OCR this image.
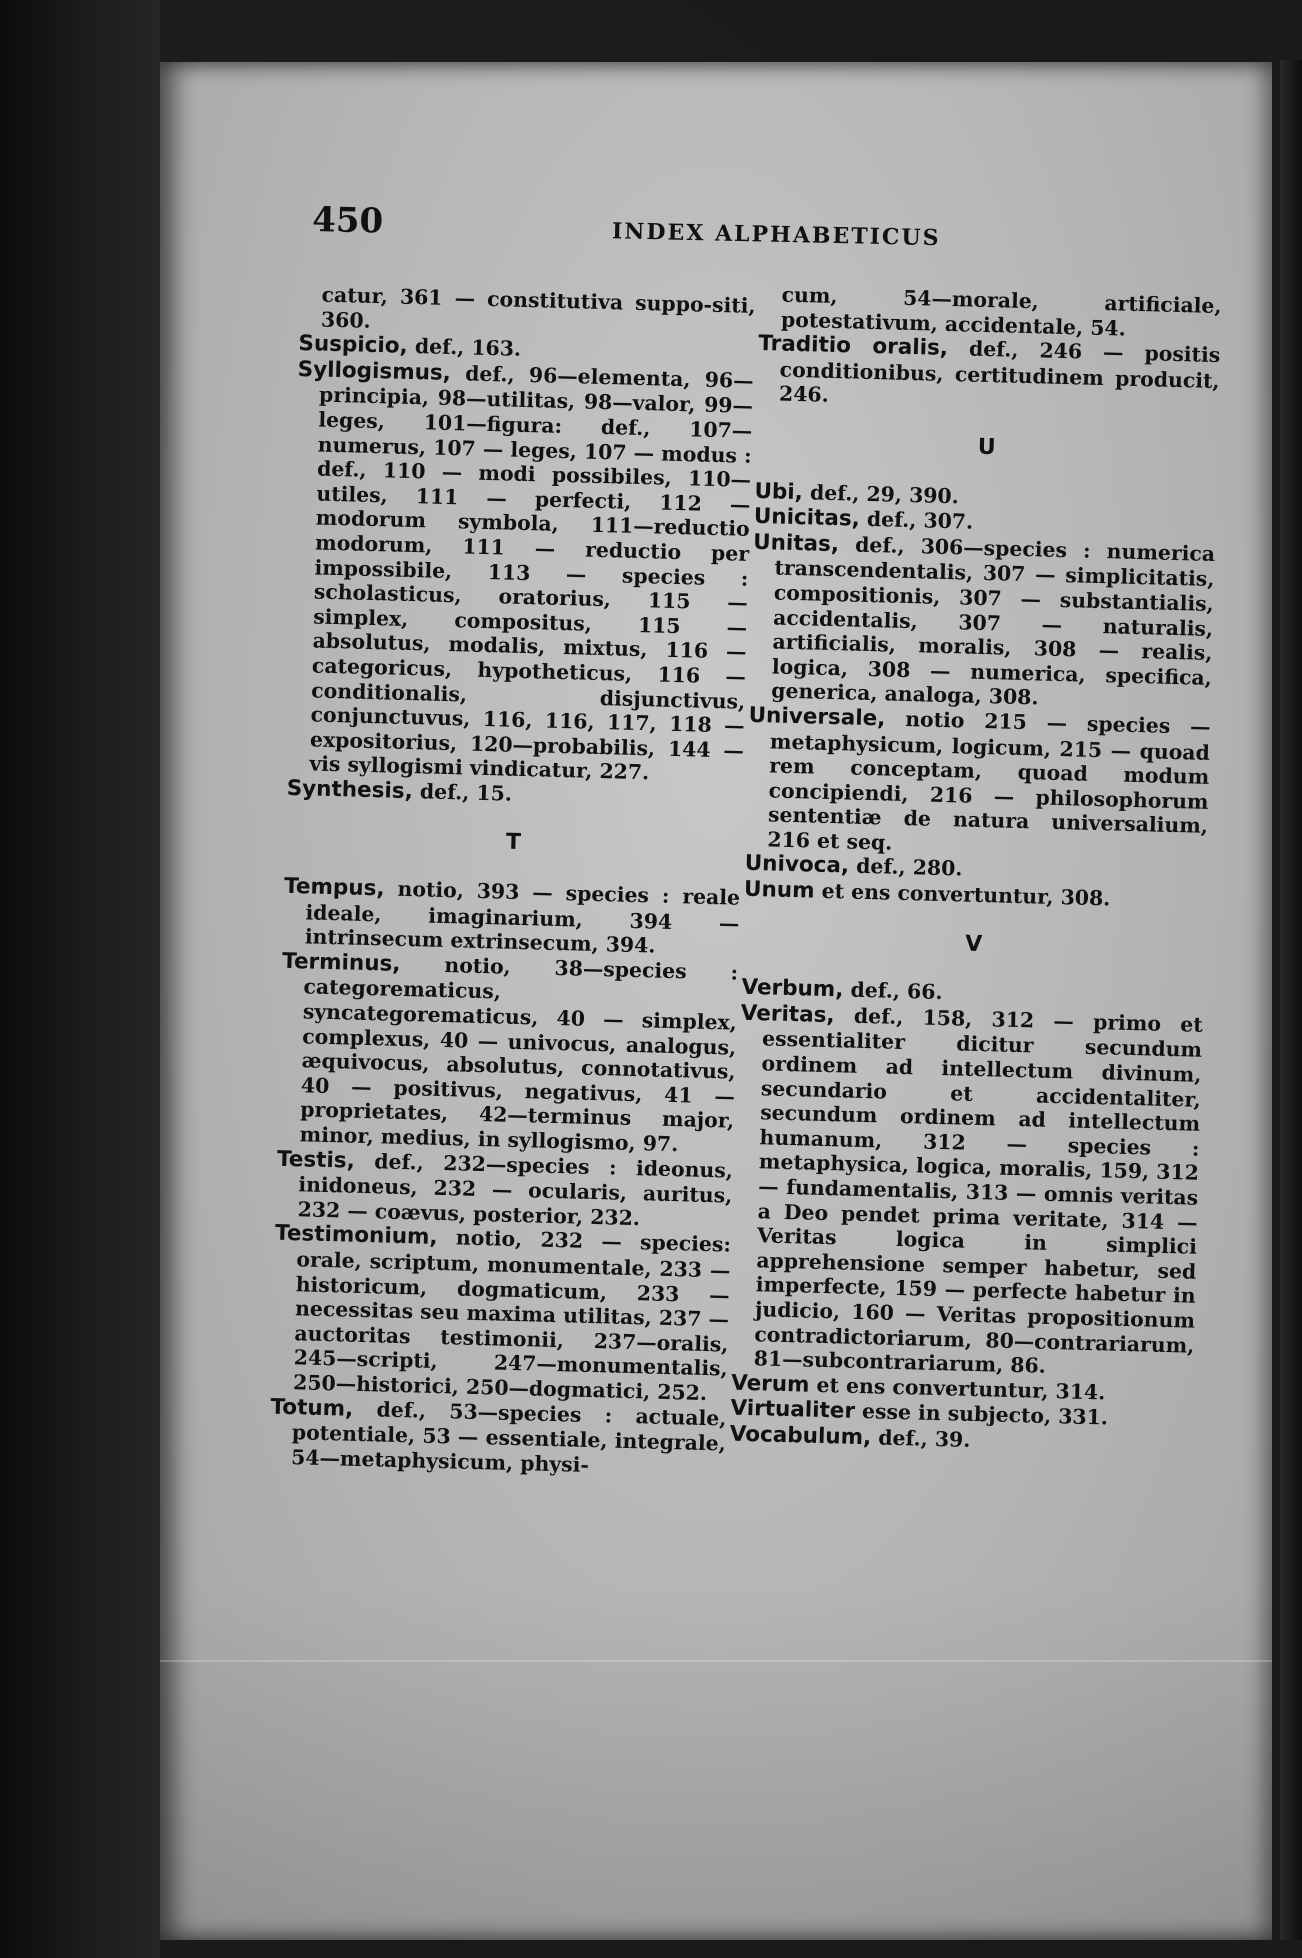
450	INDEX ALPHABETICUS

catur, 361 — constitutiva suppo-siti, 360.

Suspicio, def., 163.

Syllogismus, def., 96—elementa, 96—principia, 98—utilitas, 98—valor, 99—leges, 101—figura: def., 107—numerus, 107 — leges, 107 — modus : def., 110 — modi possibiles, 110—utiles, 111 — perfecti, 112 — modorum symbola, 111—reductio modorum, 111 — reductio per impossibile, 113 — species : scholasticus, oratorius, 115 — simplex, compositus, 115 — absolutus, modalis, mixtus, 116 — categoricus, hypotheticus, 116 — conditionalis, disjunctivus, conjunctuvus, 116, 116, 117, 118 — expositorius, 120—probabilis, 144 — vis syllogismi vindicatur, 227.

Synthesis, def., 15.

T

Tempus, notio, 393 — species : reale ideale, imaginarium, 394 — intrinsecum extrinsecum, 394.

Terminus, notio, 38—species : categorematicus, syncategorematicus, 40 — simplex, complexus, 40 — univocus, analogus, æquivocus, absolutus, connotativus, 40 — positivus, negativus, 41 — proprietates, 42—terminus major, minor, medius, in syllogismo, 97.

Testis, def., 232—species : ideonus, inidoneus, 232 — ocularis, auritus, 232 — coævus, posterior, 232.

Testimonium, notio, 232 — species: orale, scriptum, monumentale, 233 —historicum, dogmaticum, 233 — necessitas seu maxima utilitas, 237 —auctoritas testimonii, 237—oralis, 245—scripti, 247—monumentalis, 250—historici, 250—dogmatici, 252.

Totum, def., 53—species : actuale, potentiale, 53 — essentiale, integrale, 54—metaphysicum, physi-

cum, 54—morale, artificiale, potestativum, accidentale, 54.

Traditio oralis, def., 246 — positis conditionibus, certitudinem producit, 246.

U

Ubi, def., 29, 390.

Unicitas, def., 307.

Unitas, def., 306—species : numerica transcendentalis, 307 — simplicitatis, compositionis, 307 — substantialis, accidentalis, 307 — naturalis, artificialis, moralis, 308 — realis, logica, 308 — numerica, specifica, generica, analoga, 308.

Universale, notio 215 — species — metaphysicum, logicum, 215 — quoad rem conceptam, quoad modum concipiendi, 216 — philosophorum sententiæ de natura universalium, 216 et seq.

Univoca, def., 280.

Unum et ens convertuntur, 308.

V

Verbum, def., 66.

Veritas, def., 158, 312 — primo et essentialiter dicitur secundum ordinem ad intellectum divinum, secundario et accidentaliter, secundum ordinem ad intellectum humanum, 312 — species : metaphysica, logica, moralis, 159, 312 — fundamentalis, 313 — omnis veritas a Deo pendet prima veritate, 314 — Veritas logica in simplici apprehensione semper habetur, sed imperfecte, 159 — perfecte habetur in judicio, 160 — Veritas propositionum contradictoriarum, 80—contrariarum, 81—subcontrariarum, 86.

Verum et ens convertuntur, 314.

Virtualiter esse in subjecto, 331.

Vocabulum, def., 39.
